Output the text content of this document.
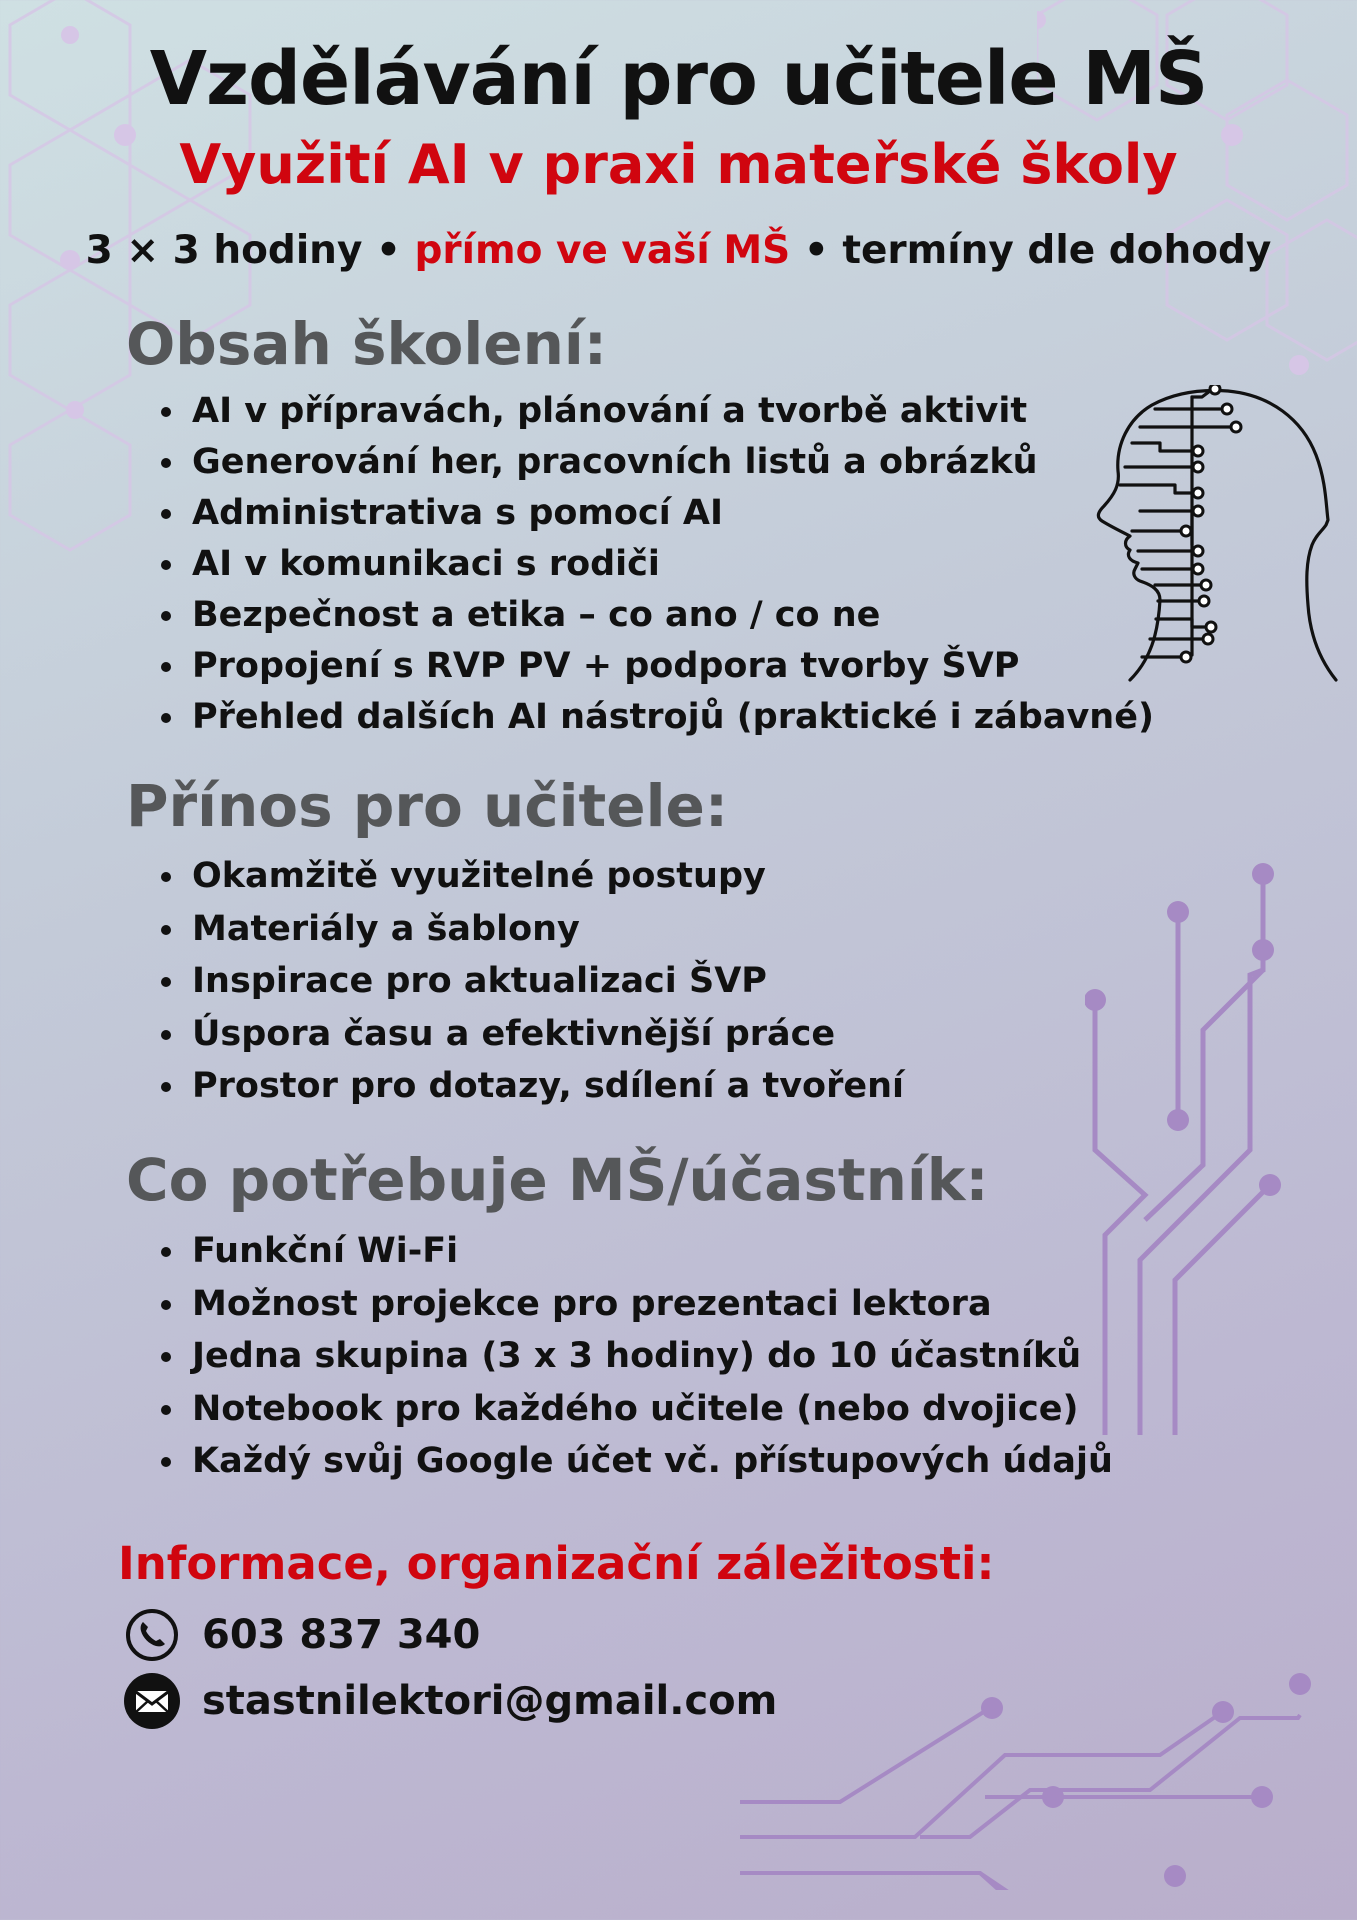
Vzdělávání pro učitele MŠ
Využití AI v praxi mateřské školy
3 × 3 hodiny • přímo ve vaší MŠ • termíny dle dohody
Obsah školení:
• AI v přípravách, plánování a tvorbě aktivit
• Generování her, pracovních listů a obrázků
• Administrativa s pomocí AI
• AI v komunikaci s rodiči
• Bezpečnost a etika – co ano / co ne
• Propojení s RVP PV + podpora tvorby ŠVP
• Přehled dalších AI nástrojů (praktické i zábavné)
Přínos pro učitele:
• Okamžitě využitelné postupy
• Materiály a šablony
• Inspirace pro aktualizaci ŠVP
• Úspora času a efektivnější práce
• Prostor pro dotazy, sdílení a tvoření
Co potřebuje MŠ/účastník:
• Funkční Wi-Fi
• Možnost projekce pro prezentaci lektora
• Jedna skupina (3 x 3 hodiny) do 10 účastníků
• Notebook pro každého učitele (nebo dvojice)
• Každý svůj Google účet vč. přístupových údajů
Informace, organizační záležitosti:
603 837 340
stastnilektori@gmail.com
